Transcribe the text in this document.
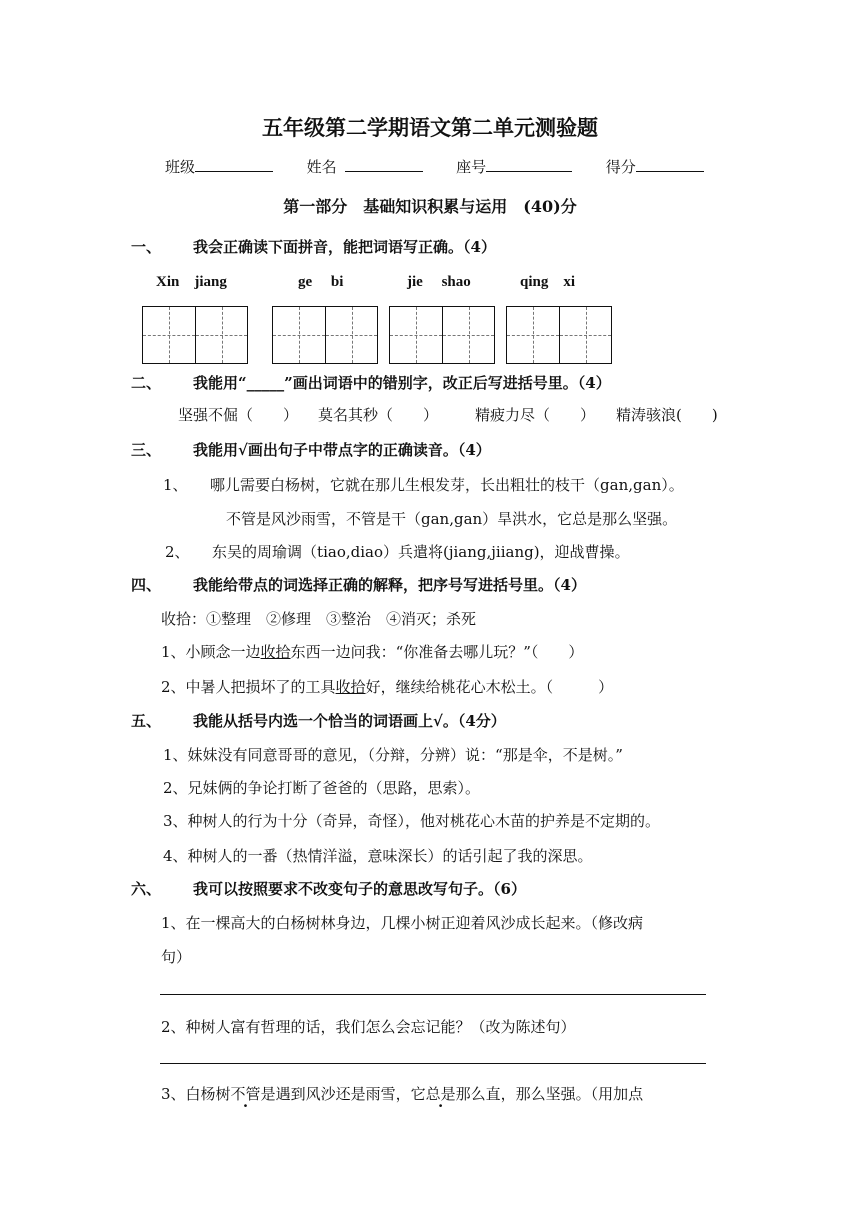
五年级第二学期语文第二单元测验题
班级	姓名	座号	得分
第一部分　基础知识积累与运用　(40)分
一、 我会正确读下面拼音，能把词语写正确。（4）
Xin　jiang	ge　 bi	jie　 shao	qing　xi
二、 我能用“_____”画出词语中的错别字，改正后写进括号里。（4）
坚强不倔（　　） 莫名其秒（　　） 精疲力尽（　　） 精涛骇浪(　　)
三、 我能用√画出句子中带点字的正确读音。（4）
1、　　哪儿需要白杨树，它就在那儿生根发芽，长出粗壮的枝干（gan,gan）。
不管是风沙雨雪，不管是干（gan,gan）旱洪水，它总是那么坚强。
2、　　东吴的周瑜调（tiao,diao）兵遣将(jiang,jiiang)，迎战曹操。
四、 我能给带点的词选择正确的解释，把序号写进括号里。（4）
收拾：①整理　②修理　③整治　④消灭；杀死
1、小顾念一边收拾东西一边问我：“你准备去哪儿玩？”（　　）
2、中暑人把损坏了的工具收拾好，继续给桃花心木松土。（　　　）
五、 我能从括号内选一个恰当的词语画上√。（4分）
1、妹妹没有同意哥哥的意见，（分辩，分辨）说：“那是伞，不是树。”
2、兄妹俩的争论打断了爸爸的（思路，思索）。
3、种树人的行为十分（奇异，奇怪），他对桃花心木苗的护养是不定期的。
4、种树人的一番（热情洋溢，意味深长）的话引起了我的深思。
六、 我可以按照要求不改变句子的意思改写句子。（6）
1、在一棵高大的白杨树林身边，几棵小树正迎着风沙成长起来。（修改病
句）
2、种树人富有哲理的话，我们怎么会忘记能？（改为陈述句）
3、白杨树不管是遇到风沙还是雨雪，它总是那么直，那么坚强。（用加点
